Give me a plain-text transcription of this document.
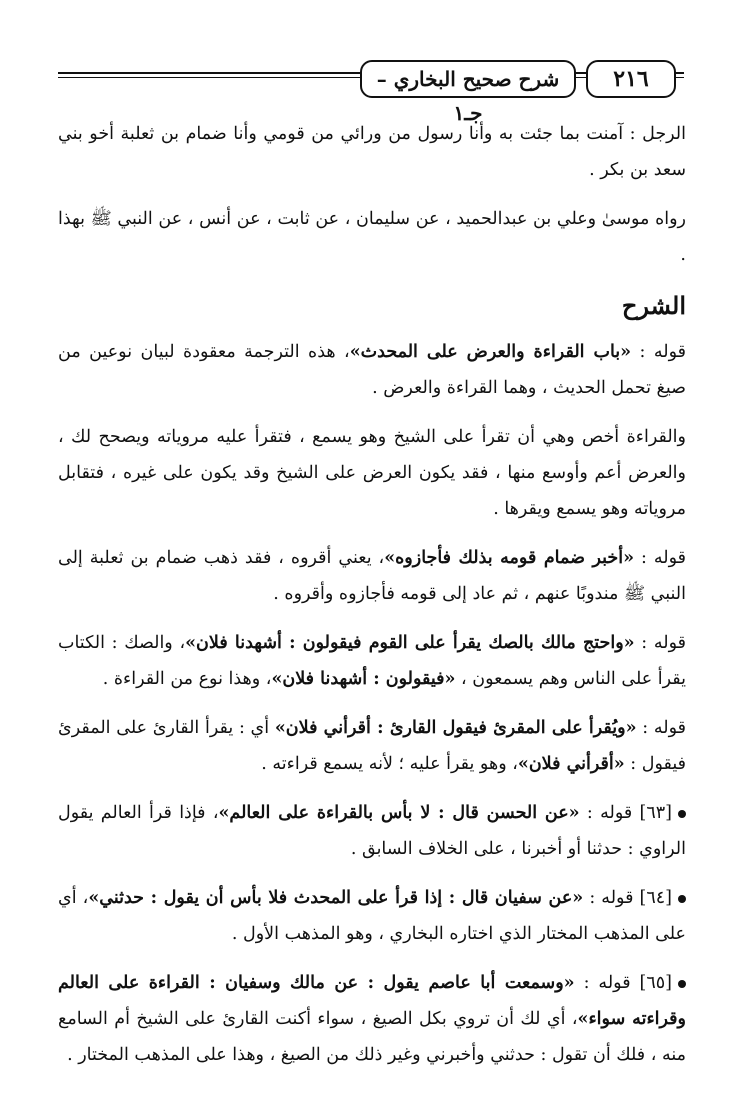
٢١٦
شرح صحيح البخاري – جـ١

الرجل : آمنت بما جئت به وأنا رسول من ورائي من قومي وأنا ضمام بن ثعلبة أخو بني سعد بن بكر .

رواه موسىٰ وعلي بن عبدالحميد ، عن سليمان ، عن ثابت ، عن أنس ، عن النبي ﷺ بهذا .

الشرح

قوله : «باب القراءة والعرض على المحدث»، هذه الترجمة معقودة لبيان نوعين من صيغ تحمل الحديث ، وهما القراءة والعرض .

والقراءة أخص وهي أن تقرأ على الشيخ وهو يسمع ، فتقرأ عليه مروياته ويصحح لك ، والعرض أعم وأوسع منها ، فقد يكون العرض على الشيخ وقد يكون على غيره ، فتقابل مروياته وهو يسمع ويقرها .

قوله : «أخبر ضمام قومه بذلك فأجازوه»، يعني أقروه ، فقد ذهب ضمام بن ثعلبة إلى النبي ﷺ مندوبًا عنهم ، ثم عاد إلى قومه فأجازوه وأقروه .

قوله : «واحتج مالك بالصك يقرأ على القوم فيقولون : أشهدنا فلان»، والصك : الكتاب يقرأ على الناس وهم يسمعون ، «فيقولون : أشهدنا فلان»، وهذا نوع من القراءة .

قوله : «ويُقرأ على المقرئ فيقول القارئ : أقرأني فلان» أي : يقرأ القارئ على المقرئ فيقول : «أقرأني فلان»، وهو يقرأ عليه ؛ لأنه يسمع قراءته .

[٦٣] قوله : «عن الحسن قال : لا بأس بالقراءة على العالم»، فإذا قرأ العالم يقول الراوي : حدثنا أو أخبرنا ، على الخلاف السابق .

[٦٤] قوله : «عن سفيان قال : إذا قرأ على المحدث فلا بأس أن يقول : حدثني»، أي على المذهب المختار الذي اختاره البخاري ، وهو المذهب الأول .

[٦٥] قوله : «وسمعت أبا عاصم يقول : عن مالك وسفيان : القراءة على العالم وقراءته سواء»، أي لك أن تروي بكل الصيغ ، سواء أكنت القارئ على الشيخ أم السامع منه ، فلك أن تقول : حدثني وأخبرني وغير ذلك من الصيغ ، وهذا على المذهب المختار .
